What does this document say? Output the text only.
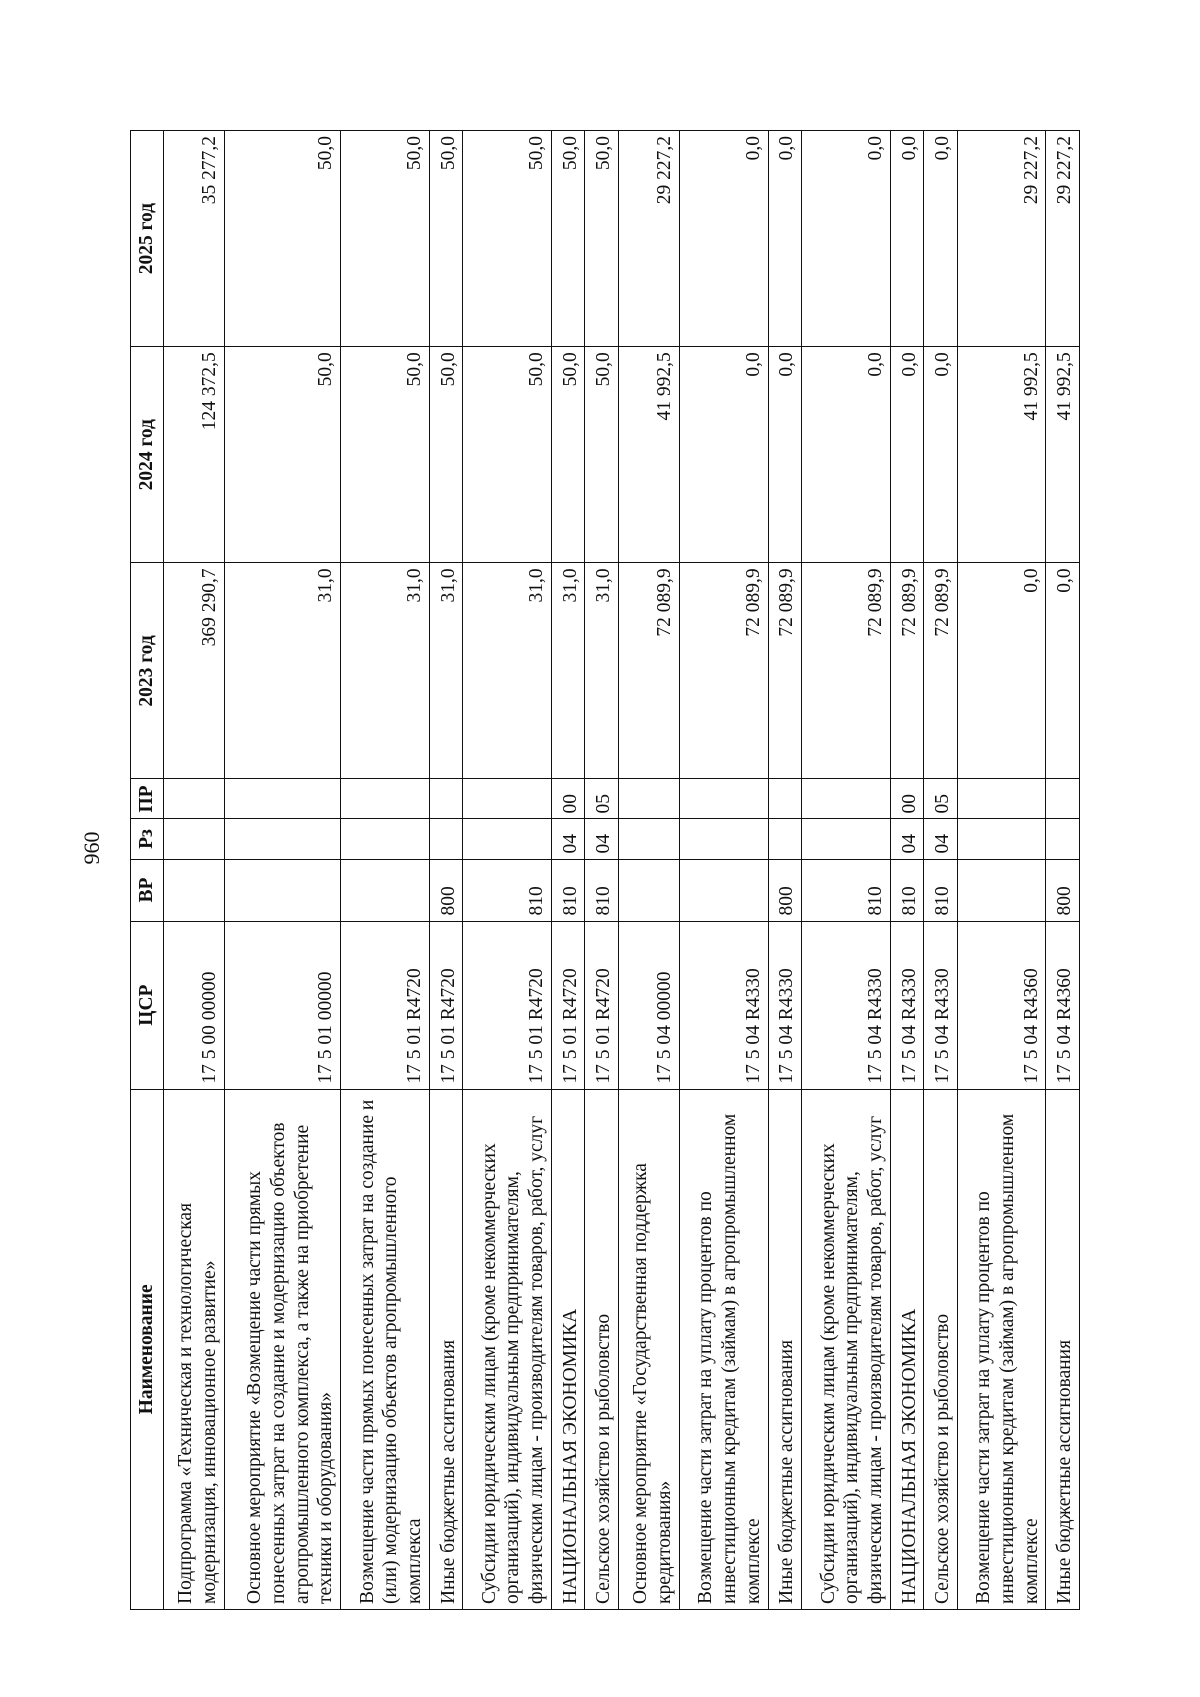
960
Наименование	ЦСР	ВР	Рз	ПР	2023 год	2024 год	2025 год
Подпрограмма «Техническая и технологическая модернизация, инновационное развитие»	17 5 00 00000				369 290,7	124 372,5	35 277,2
Основное мероприятие «Возмещение части прямых понесенных затрат на создание и модернизацию объектов агропромышленного комплекса, а также на приобретение техники и оборудования»	17 5 01 00000				31,0	50,0	50,0
Возмещение части прямых понесенных затрат на создание и (или) модернизацию объектов агропромышленного комплекса	17 5 01 R4720				31,0	50,0	50,0
Иные бюджетные ассигнования	17 5 01 R4720	800			31,0	50,0	50,0
Субсидии юридическим лицам (кроме некоммерческих организаций), индивидуальным предпринимателям, физическим лицам - производителям товаров, работ, услуг	17 5 01 R4720	810			31,0	50,0	50,0
НАЦИОНАЛЬНАЯ ЭКОНОМИКА	17 5 01 R4720	810	04	00	31,0	50,0	50,0
Сельское хозяйство и рыболовство	17 5 01 R4720	810	04	05	31,0	50,0	50,0
Основное мероприятие «Государственная поддержка кредитования»	17 5 04 00000				72 089,9	41 992,5	29 227,2
Возмещение части затрат на уплату процентов по инвестиционным кредитам (займам) в агропромышленном комплексе	17 5 04 R4330				72 089,9	0,0	0,0
Иные бюджетные ассигнования	17 5 04 R4330	800			72 089,9	0,0	0,0
Субсидии юридическим лицам (кроме некоммерческих организаций), индивидуальным предпринимателям, физическим лицам - производителям товаров, работ, услуг	17 5 04 R4330	810			72 089,9	0,0	0,0
НАЦИОНАЛЬНАЯ ЭКОНОМИКА	17 5 04 R4330	810	04	00	72 089,9	0,0	0,0
Сельское хозяйство и рыболовство	17 5 04 R4330	810	04	05	72 089,9	0,0	0,0
Возмещение части затрат на уплату процентов по инвестиционным кредитам (займам) в агропромышленном комплексе	17 5 04 R4360				0,0	41 992,5	29 227,2
Иные бюджетные ассигнования	17 5 04 R4360	800			0,0	41 992,5	29 227,2
